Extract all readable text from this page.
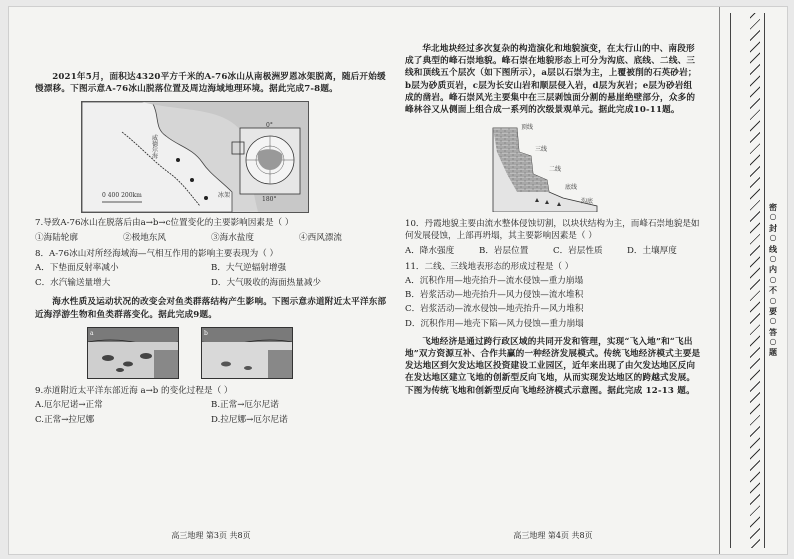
2021年5月，面积达4320平方千米的A-76冰山从南极洲罗恩冰架脱离，随后开始缓慢漂移。下图示意A-76冰山脱落位置及周边海域地理环境。据此完成7-8题。

0 400 200km
威德尔海
冰架
0°
180°

7.导致A-76冰山在脱落后由a→b→c位置变化的主要影响因素是（ ）

①海陆轮廓	②极地东风	③海水盐度	④西风漂流

8．A-76冰山对所经海域海—气相互作用的影响主要表现为（ ）

A．下垫面反射率减小	B．大气逆辐射增强
C．水汽输送量增大	D．大气吸收的海面热量减少

海水性质及运动状况的改变会对鱼类群落结构产生影响。下图示意赤道附近太平洋东部近海浮游生物和鱼类群落变化。据此完成9题。

a	b

9.赤道附近太平洋东部近海 a→b 的变化过程是（ ）

A.厄尔尼诺→正常	B.正常→厄尔尼诺
C.正常→拉尼娜	D.拉尼娜→厄尔尼诺
高三地理 第3页 共8页

华北地块经过多次复杂的构造演化和地貌演变，在太行山的中、南段形成了典型的峰石崇地貌。峰石崇在地貌形态上可分为沟底、底线、二线、三线和顶线五个层次（如下图所示），a层以石崇为主，上覆被削的石英砂岩；b层为砂质页岩，c层为长安山岩和顺层侵入岩，d层为灰岩；e层为砂岩组成的凿岩。峰石崇风光主要集中在三层剥蚀面分割的悬崖绝壁部分，众多的峰林谷又从侧面上组合成一系列的次级景观单元。据此完成10-11题。

顶线
三线
二线
底线
沟底

10．丹霞地貌主要由流水整体侵蚀切割，以块状结构为主，而峰石崇地貌是如何发展侵蚀，上部再坍塌，其主要影响因素是（ ）

A．降水强度	B．岩层位置	C．岩层性质	D．土壤厚度

11．二线、三线地表形态的形成过程是（ ）

A．沉积作用—地壳抬升—流水侵蚀—重力崩塌
B．岩浆活动—地壳抬升—风力侵蚀—流水堆积
C．岩浆活动—流水侵蚀—地壳抬升—风力堆积
D．沉积作用—地壳下陷—风力侵蚀—重力崩塌

飞地经济是通过跨行政区域的共同开发和管理，实现“飞入地”和“飞出地”双方资源互补、合作共赢的一种经济发展模式。传统飞地经济模式主要是发达地区到欠发达地区投资建设工业园区，近年来出现了由欠发达地区反向在发达地区建立飞地的创新型反向飞地，从而实现发达地区的跨越式发展。下图为传统飞地和创新型反向飞地经济模式示意图。据此完成 12-13 题。

高三地理 第4页 共8页
密
○
封
○
线
○
内
○
不
○
要
○
答
○
题
